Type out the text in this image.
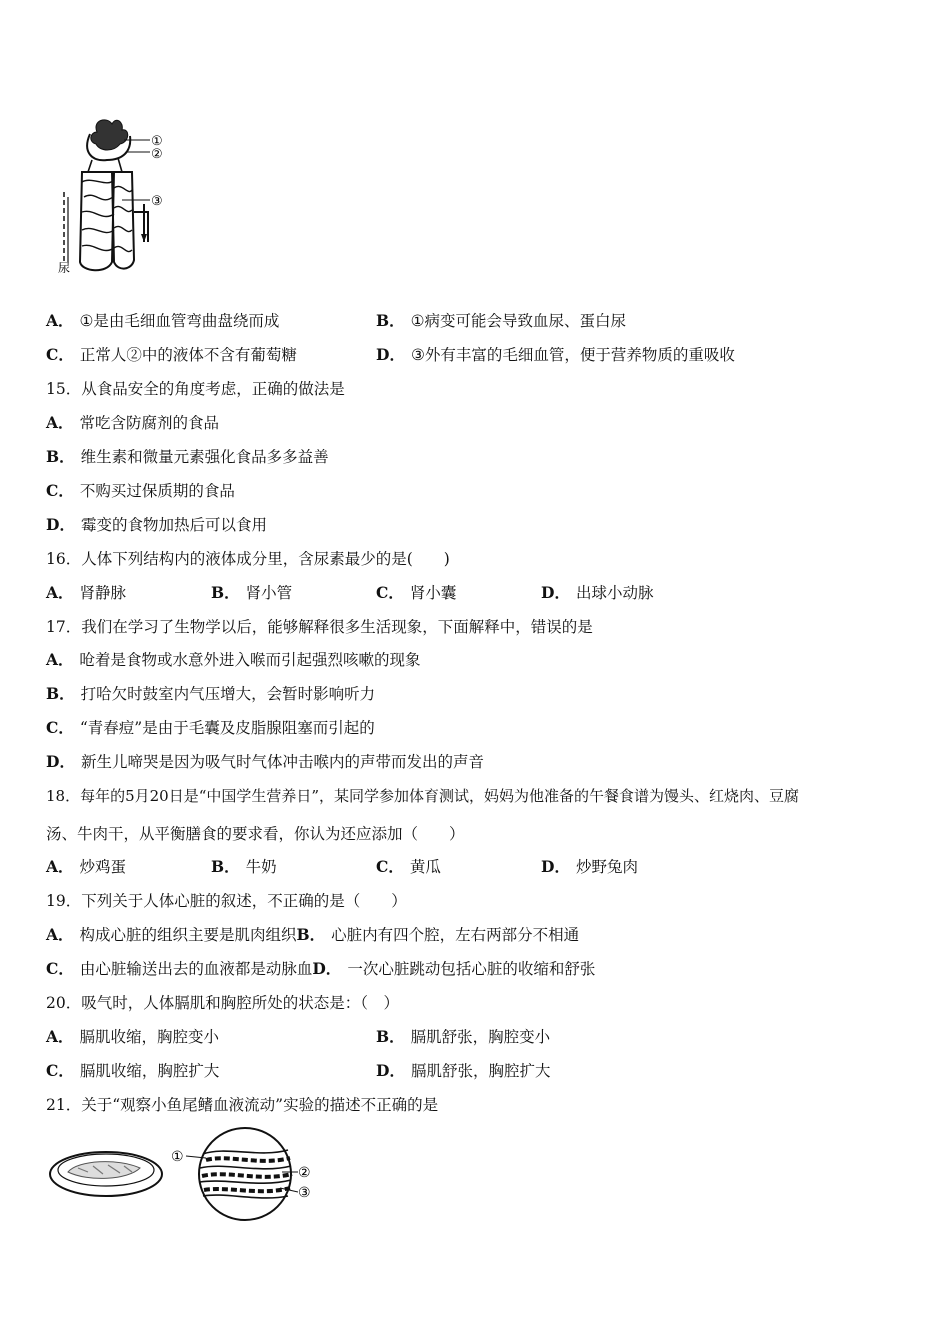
①
②
③
尿
A． ①是由毛细血管弯曲盘绕而成	B． ①病变可能会导致血尿、蛋白尿
C． 正常人②中的液体不含有葡萄糖	D． ③外有丰富的毛细血管，便于营养物质的重吸收
15．从食品安全的角度考虑，正确的做法是
A． 常吃含防腐剂的食品
B． 维生素和微量元素强化食品多多益善
C． 不购买过保质期的食品
D． 霉变的食物加热后可以食用
16．人体下列结构内的液体成分里，含尿素最少的是(　　)
A． 肾静脉	B． 肾小管	C． 肾小囊	D． 出球小动脉
17．我们在学习了生物学以后，能够解释很多生活现象，下面解释中，错误的是
A． 呛着是食物或水意外进入喉而引起强烈咳嗽的现象
B． 打哈欠时鼓室内气压增大，会暂时影响听力
C． “青春痘”是由于毛囊及皮脂腺阻塞而引起的
D． 新生儿啼哭是因为吸气时气体冲击喉内的声带而发出的声音
18．每年的5月20日是“中国学生营养日”，某同学参加体育测试，妈妈为他准备的午餐食谱为馒头、红烧肉、豆腐
汤、牛肉干，从平衡膳食的要求看，你认为还应添加（　　）
A． 炒鸡蛋	B． 牛奶	C． 黄瓜	D． 炒野兔肉
19．下列关于人体心脏的叙述，不正确的是（　　）
A． 构成心脏的组织主要是肌肉组织B． 心脏内有四个腔，左右两部分不相通
C． 由心脏输送出去的血液都是动脉血D． 一次心脏跳动包括心脏的收缩和舒张
20．吸气时，人体膈肌和胸腔所处的状态是：（　）
A． 膈肌收缩，胸腔变小	B． 膈肌舒张，胸腔变小
C． 膈肌收缩，胸腔扩大	D． 膈肌舒张，胸腔扩大
21．关于“观察小鱼尾鳍血液流动”实验的描述不正确的是
①
②
③
